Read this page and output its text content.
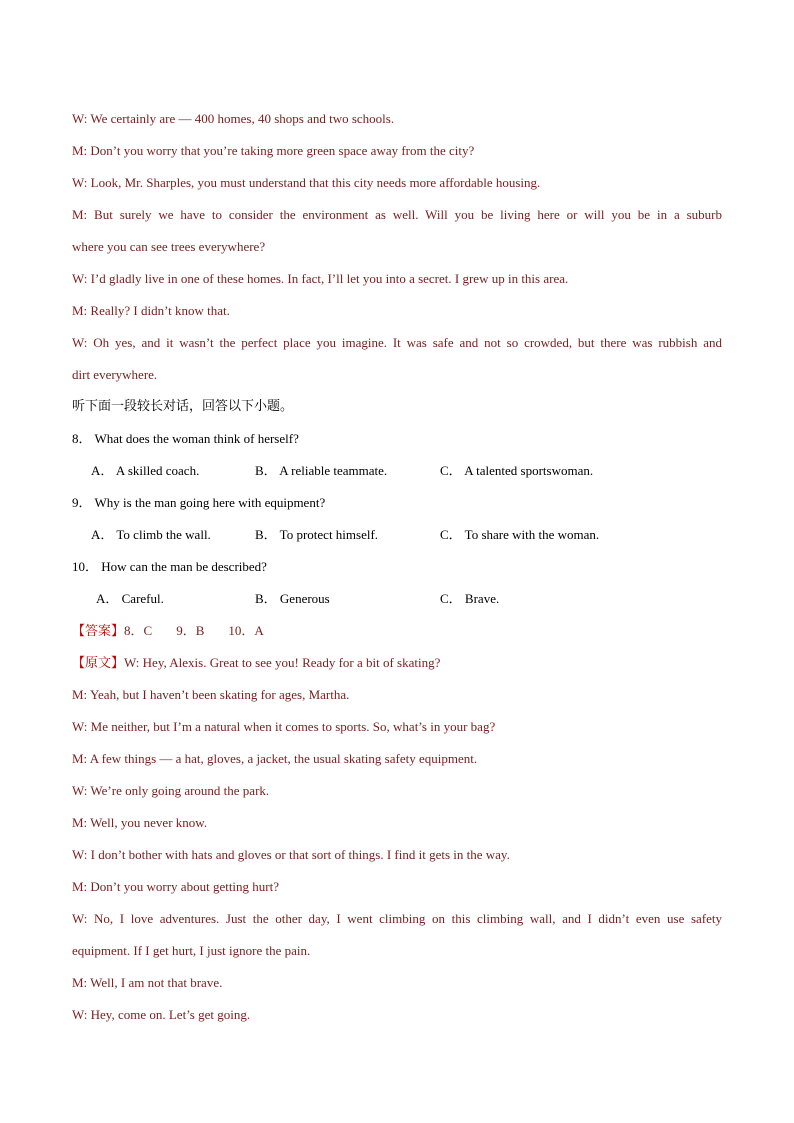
W: We certainly are — 400 homes, 40 shops and two schools.
M: Don’t you worry that you’re taking more green space away from the city?
W: Look, Mr. Sharples, you must understand that this city needs more affordable housing.
M: But surely we have to consider the environment as well. Will you be living here or will you be in a suburb
where you can see trees everywhere?
W: I’d gladly live in one of these homes. In fact, I’ll let you into a secret. I grew up in this area.
M: Really? I didn’t know that.
W: Oh yes, and it wasn’t the perfect place you imagine. It was safe and not so crowded, but there was rubbish and
dirt everywhere.
听下面一段较长对话，回答以下小题。
8． What does the woman think of herself?
A． A skilled coach.	B． A reliable teammate.	C． A talented sportswoman.
9． Why is the man going here with equipment?
A． To climb the wall.	B． To protect himself.	C． To share with the woman.
10． How can the man be described?
A． Careful.	B． Generous	C． Brave.
【答案】8．C 9．B 10．A
【原文】W: Hey, Alexis. Great to see you! Ready for a bit of skating?
M: Yeah, but I haven’t been skating for ages, Martha.
W: Me neither, but I’m a natural when it comes to sports. So, what’s in your bag?
M: A few things — a hat, gloves, a jacket, the usual skating safety equipment.
W: We’re only going around the park.
M: Well, you never know.
W: I don’t bother with hats and gloves or that sort of things. I find it gets in the way.
M: Don’t you worry about getting hurt?
W: No, I love adventures. Just the other day, I went climbing on this climbing wall, and I didn’t even use safety
equipment. If I get hurt, I just ignore the pain.
M: Well, I am not that brave.
W: Hey, come on. Let’s get going.
